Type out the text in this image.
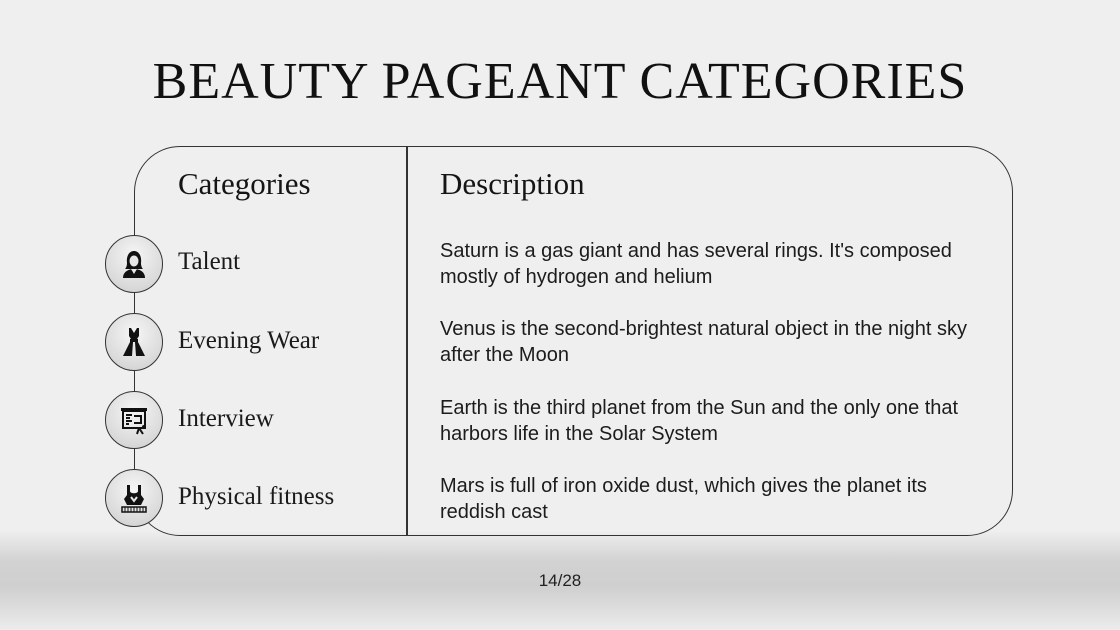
BEAUTY PAGEANT CATEGORIES
Categories	Description
Talent	Saturn is a gas giant and has several rings. It's composed mostly of hydrogen and helium
Evening Wear	Venus is the second-brightest natural object in the night sky after the Moon
Interview	Earth is the third planet from the Sun and the only one that harbors life in the Solar System
Physical fitness	Mars is full of iron oxide dust, which gives the planet its reddish cast
14/28
